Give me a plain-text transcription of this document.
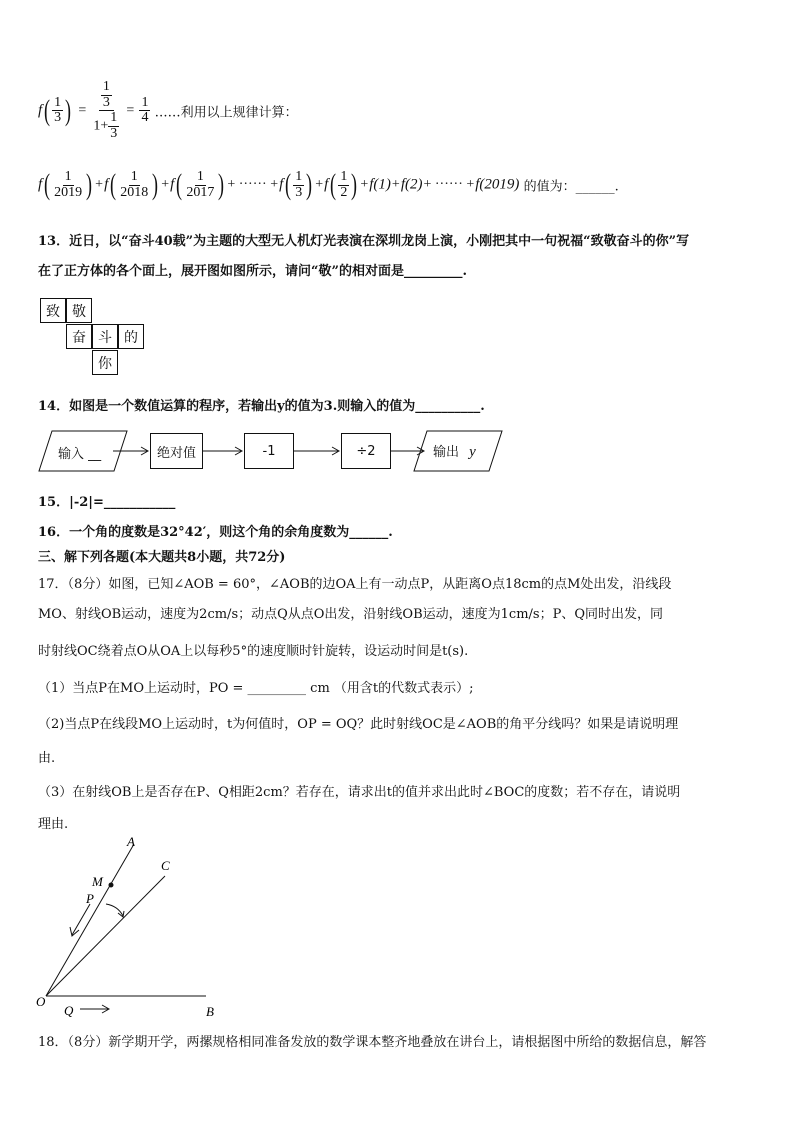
$f( \frac{1}{3}$ ) = $\frac{\frac{1}{3}}{1+ \frac{1}{3}} = \frac{1}{4}$ ……利用以上规律计算：
$f( \frac{1}{2019}$ ) $+f( \frac{1}{2018}$ ) $+f( \frac{1}{2017}$ ) + ······ $+f( \frac{1}{3}$ ) $+f( \frac{1}{2}$ ) +f(1)+f(2)+ ······ +f(2019) 的值为：______.
13．近日，以“奋斗40载”为主题的大型无人机灯光表演在深圳龙岗上演，小刚把其中一句祝福“致敬奋斗的你”写
在了正方体的各个面上，展开图如图所示，请问“敬”的相对面是_________.
致 敬
奋 斗 的
你
14．如图是一个数值运算的程序，若输出y的值为3.则输入的值为__________.
输入 __	绝对值	-1	÷2	输出 y
15．|-2|=___________
16．一个角的度数是32°42′，则这个角的余角度数为______.
三、解下列各题(本大题共8小题，共72分)
17．（8分）如图，已知∠AOB = 60°，∠AOB的边OA上有一动点P，从距离O点18cm的点M处出发，沿线段
MO、射线OB运动，速度为2cm/s；动点Q从点O出发，沿射线OB运动，速度为1cm/s；P、Q同时出发，同
时射线OC绕着点O从OA上以每秒5°的速度顺时针旋转，设运动时间是t(s).
（1）当点P在MO上运动时，PO = _________ cm （用含t的代数式表示）;
（2)当点P在线段MO上运动时，t为何值时，OP = OQ？此时射线OC是∠AOB的角平分线吗？如果是请说明理
由.
（3）在射线OB上是否存在P、Q相距2cm？若存在，请求出t的值并求出此时∠BOC的度数；若不存在，请说明
理由.
A
C
M
P
O
Q	B
18．（8分）新学期开学，两摞规格相同准备发放的数学课本整齐地叠放在讲台上，请根据图中所给的数据信息，解答
